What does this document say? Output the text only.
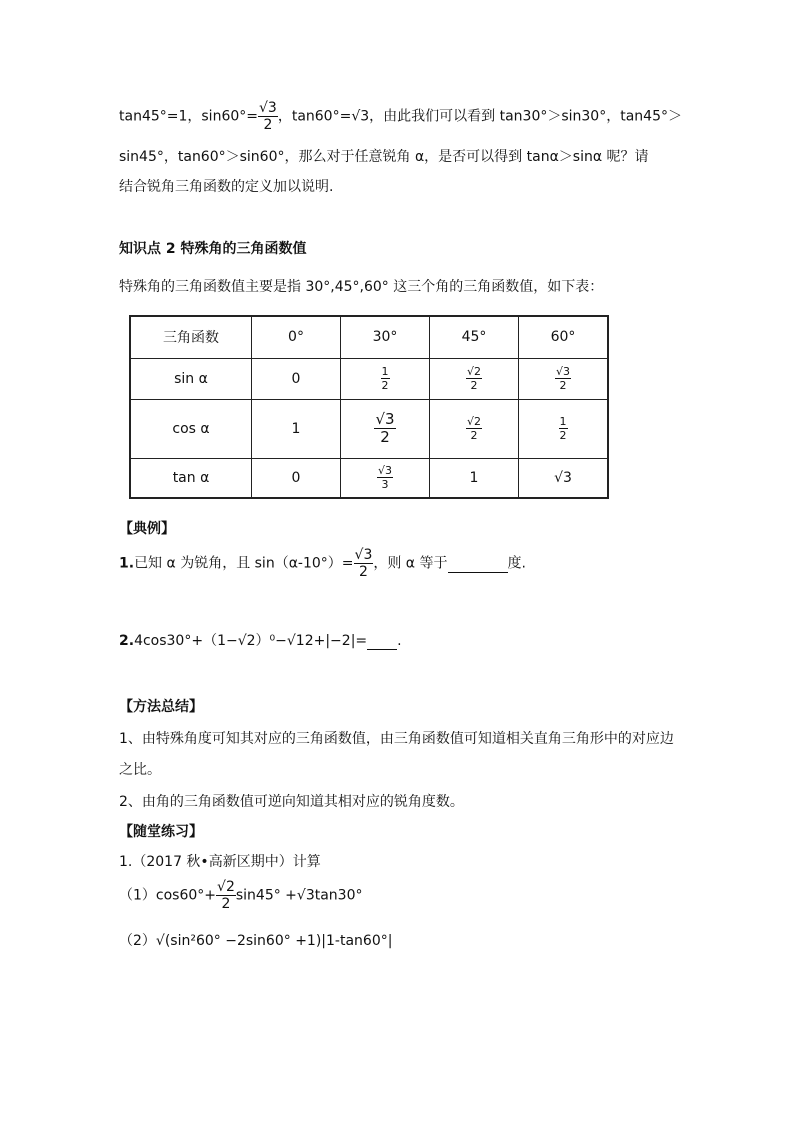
tan45°=1，$\sin 60^\circ= \frac{√3}{2}$ ，tan60°=√3，由此我们可以看到 tan30°＞sin30°，tan45°＞
sin45°，tan60°＞sin60°，那么对于任意锐角 α，是否可以得到 tanα＞sinα 呢？请
结合锐角三角函数的定义加以说明.
知识点 2 特殊角的三角函数值
特殊角的三角函数值主要是指 30°,45°,60° 这三个角的三角函数值，如下表：
三角函数	0°	30°	45°	60°
sin α	0	$\frac{1}{2}$	$\frac{√2}{2}$	$\frac{√3}{2}$

cos α	1	$\frac{√3}{2}$	$\frac{√2}{2}$	$\frac{1}{2}$

tan α	0	$\frac{√3}{3}$	1	√3
【典例】
1.已知 α 为锐角，且 $\sin(\alpha-10^\circ)= \frac{√3}{2}$ ，则 α 等于	度.
2.4cos30°+（1−√2）⁰−√12+|−2|= .
【方法总结】
1、由特殊角度可知其对应的三角函数值，由三角函数值可知道相关直角三角形中的对应边
之比。
2、由角的三角函数值可逆向知道其相对应的锐角度数。
【随堂练习】
1.（2017 秋•高新区期中）计算
$(1)\cos 60^\circ+ \frac{√2}{2} \sin 45^\circ +√3\tan 30^\circ$
（2）√(sin²60° −2sin60° +1)|1-tan60°|
